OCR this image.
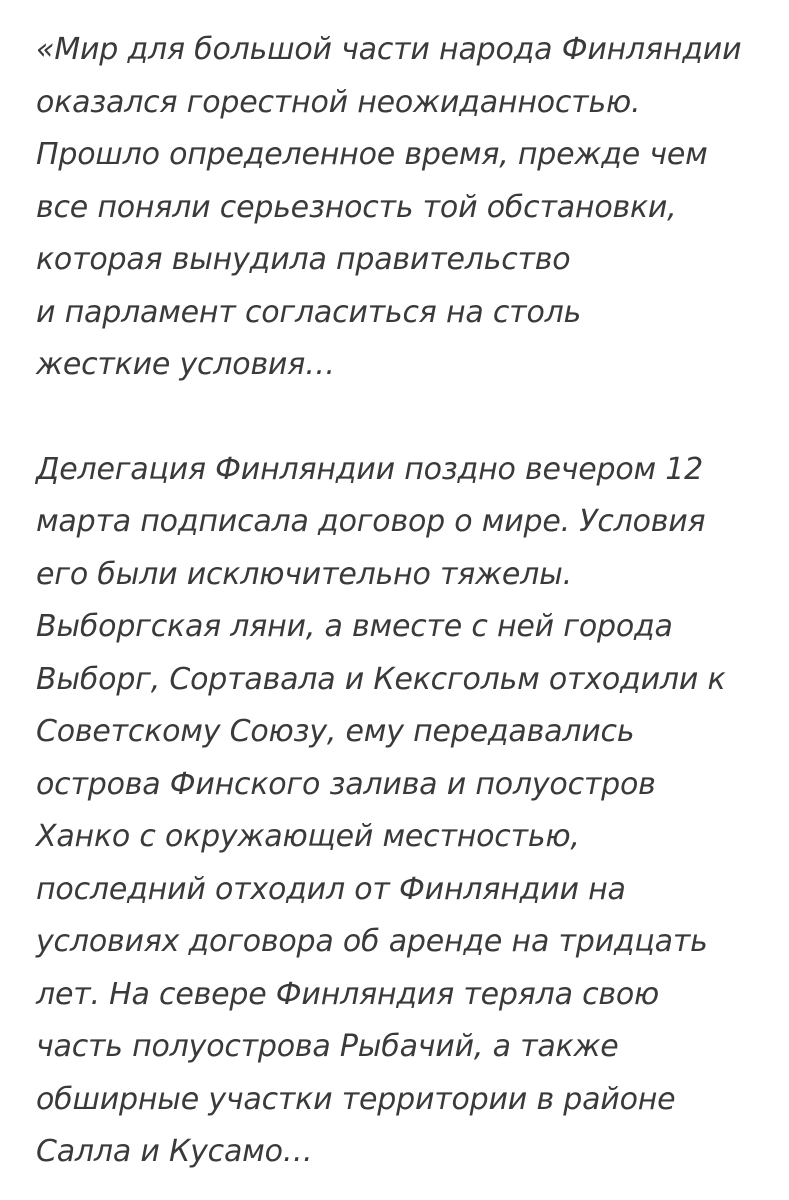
«Мир для большой части народа Финляндии
оказался горестной неожиданностью.
Прошло определенное время, прежде чем
все поняли серьезность той обстановки,
которая вынудила правительство
и парламент согласиться на столь
жесткие условия…

Делегация Финляндии поздно вечером 12
марта подписала договор о мире. Условия
его были исключительно тяжелы.
Выборгская ляни, а вместе с ней города
Выборг, Сортавала и Кексгольм отходили к
Советскому Союзу, ему передавались
острова Финского залива и полуостров
Ханко с окружающей местностью,
последний отходил от Финляндии на
условиях договора об аренде на тридцать
лет. На севере Финляндия теряла свою
часть полуострова Рыбачий, а также
обширные участки территории в районе
Салла и Кусамо…
